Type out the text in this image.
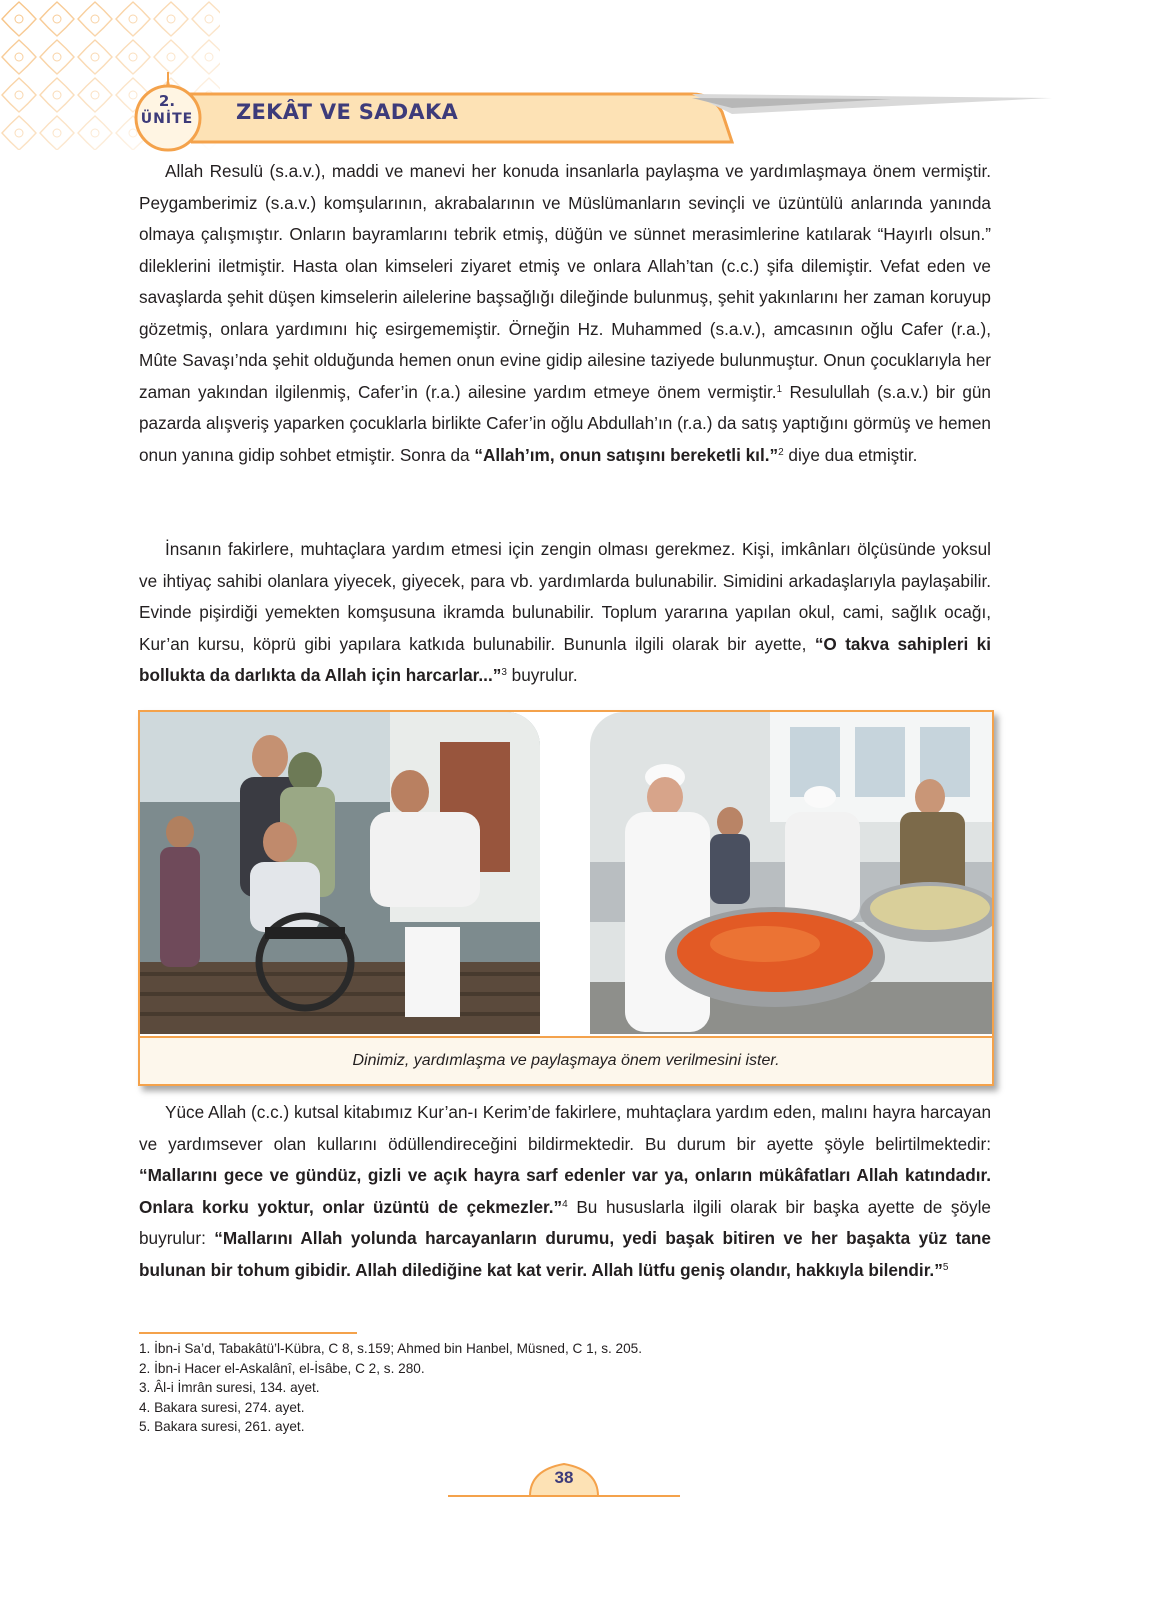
2.
ÜNİTE ZEKÂT VE SADAKA

Allah Resulü (s.a.v.), maddi ve manevi her konuda insanlarla paylaşma ve yardımlaşmaya önem vermiştir. Peygamberimiz (s.a.v.) komşularının, akrabalarının ve Müslümanların sevinçli ve üzüntülü anlarında yanında olmaya çalışmıştır. Onların bayramlarını tebrik etmiş, düğün ve sünnet merasimlerine katılarak “Hayırlı olsun.” dileklerini iletmiştir. Hasta olan kimseleri ziyaret etmiş ve onlara Allah’tan (c.c.) şifa dilemiştir. Vefat eden ve savaşlarda şehit düşen kimselerin ailelerine başsağlığı dileğinde bulunmuş, şehit yakınlarını her zaman koruyup gözetmiş, onlara yardımını hiç esirgememiştir. Örneğin Hz. Muhammed (s.a.v.), amcasının oğlu Cafer (r.a.), Mûte Savaşı’nda şehit olduğunda hemen onun evine gidip ailesine taziyede bulunmuştur. Onun çocuklarıyla her zaman yakından ilgilenmiş, Cafer’in (r.a.) ailesine yardım etmeye önem vermiştir.$^1$ Resulullah (s.a.v.) bir gün pazarda alışveriş yaparken çocuklarla birlikte Cafer’in oğlu Abdullah’ın (r.a.) da satış yaptığını görmüş ve hemen onun yanına gidip sohbet etmiştir. Sonra da “Allah’ım, onun satışını bereketli kıl.”$^2$ diye dua etmiştir.

İnsanın fakirlere, muhtaçlara yardım etmesi için zengin olması gerekmez. Kişi, imkânları ölçüsünde yoksul ve ihtiyaç sahibi olanlara yiyecek, giyecek, para vb. yardımlarda bulunabilir. Simidini arkadaşlarıyla paylaşabilir. Evinde pişirdiği yemekten komşusuna ikramda bulunabilir. Toplum yararına yapılan okul, cami, sağlık ocağı, Kur’an kursu, köprü gibi yapılara katkıda bulunabilir. Bununla ilgili olarak bir ayette, “O takva sahipleri ki bollukta da darlıkta da Allah için harcarlar...”$^3$ buyrulur.

Dinimiz, yardımlaşma ve paylaşmaya önem verilmesini ister.

Yüce Allah (c.c.) kutsal kitabımız Kur’an-ı Kerim’de fakirlere, muhtaçlara yardım eden, malını hayra harcayan ve yardımsever olan kullarını ödüllendireceğini bildirmektedir. Bu durum bir ayette şöyle belirtilmektedir: “Mallarını gece ve gündüz, gizli ve açık hayra sarf edenler var ya, onların mükâfatları Allah katındadır. Onlara korku yoktur, onlar üzüntü de çekmezler.”$^4$ Bu hususlarla ilgili olarak bir başka ayette de şöyle buyrulur: “Mallarını Allah yolunda harcayanların durumu, yedi başak bitiren ve her başakta yüz tane bulunan bir tohum gibidir. Allah dilediğine kat kat verir. Allah lütfu geniş olandır, hakkıyla bilendir.”$^5$

1. İbn-i Sa’d, Tabakâtü’l-Kübra, C 8, s.159; Ahmed bin Hanbel, Müsned, C 1, s. 205.
2. İbn-i Hacer el-Askalânî, el-İsâbe, C 2, s. 280.
3. Âl-i İmrân suresi, 134. ayet.
4. Bakara suresi, 274. ayet.
5. Bakara suresi, 261. ayet.
38
